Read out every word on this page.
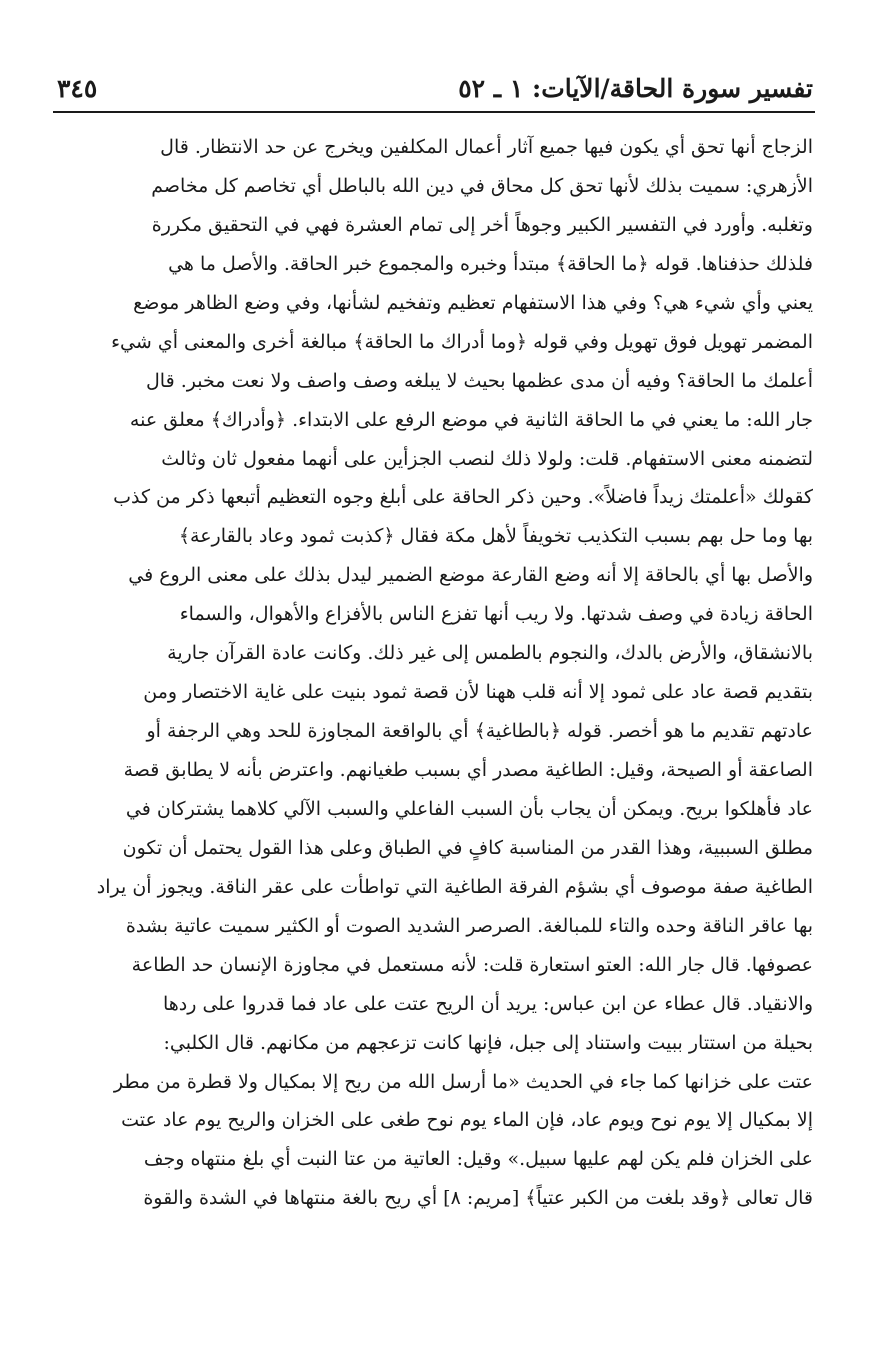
تفسير سورة الحاقة/الآيات: ١ ـ ٥٢
٣٤٥
الزجاج أنها تحق أي يكون فيها جميع آثار أعمال المكلفين ويخرج عن حد الانتظار. قال
الأزهري: سميت بذلك لأنها تحق كل محاق في دين الله بالباطل أي تخاصم كل مخاصم
وتغلبه. وأورد في التفسير الكبير وجوهاً أخر إلى تمام العشرة فهي في التحقيق مكررة
فلذلك حذفناها. قوله ﴿ما الحاقة﴾ مبتدأ وخبره والمجموع خبر الحاقة. والأصل ما هي
يعني وأي شيء هي؟ وفي هذا الاستفهام تعظيم وتفخيم لشأنها، وفي وضع الظاهر موضع
المضمر تهويل فوق تهويل وفي قوله ﴿وما أدراك ما الحاقة﴾ مبالغة أخرى والمعنى أي شيء
أعلمك ما الحاقة؟ وفيه أن مدى عظمها بحيث لا يبلغه وصف واصف ولا نعت مخبر. قال
جار الله: ما يعني في ما الحاقة الثانية في موضع الرفع على الابتداء. ﴿وأدراك﴾ معلق عنه
لتضمنه معنى الاستفهام. قلت: ولولا ذلك لنصب الجزأين على أنهما مفعول ثان وثالث
كقولك «أعلمتك زيداً فاضلاً». وحين ذكر الحاقة على أبلغ وجوه التعظيم أتبعها ذكر من كذب
بها وما حل بهم بسبب التكذيب تخويفاً لأهل مكة فقال ﴿كذبت ثمود وعاد بالقارعة﴾
والأصل بها أي بالحاقة إلا أنه وضع القارعة موضع الضمير ليدل بذلك على معنى الروع في
الحاقة زيادة في وصف شدتها. ولا ريب أنها تفزع الناس بالأفزاع والأهوال، والسماء
بالانشقاق، والأرض بالدك، والنجوم بالطمس إلى غير ذلك. وكانت عادة القرآن جارية
بتقديم قصة عاد على ثمود إلا أنه قلب ههنا لأن قصة ثمود بنيت على غاية الاختصار ومن
عادتهم تقديم ما هو أخصر. قوله ﴿بالطاغية﴾ أي بالواقعة المجاوزة للحد وهي الرجفة أو
الصاعقة أو الصيحة، وقيل: الطاغية مصدر أي بسبب طغيانهم. واعترض بأنه لا يطابق قصة
عاد فأهلكوا بريح. ويمكن أن يجاب بأن السبب الفاعلي والسبب الآلي كلاهما يشتركان في
مطلق السببية، وهذا القدر من المناسبة كافٍ في الطباق وعلى هذا القول يحتمل أن تكون
الطاغية صفة موصوف أي بشؤم الفرقة الطاغية التي تواطأت على عقر الناقة. ويجوز أن يراد
بها عاقر الناقة وحده والتاء للمبالغة. الصرصر الشديد الصوت أو الكثير سميت عاتية بشدة
عصوفها. قال جار الله: العتو استعارة قلت: لأنه مستعمل في مجاوزة الإنسان حد الطاعة
والانقياد. قال عطاء عن ابن عباس: يريد أن الريح عتت على عاد فما قدروا على ردها
بحيلة من استتار ببيت واستناد إلى جبل، فإنها كانت تزعجهم من مكانهم. قال الكلبي:
عتت على خزانها كما جاء في الحديث «ما أرسل الله من ريح إلا بمكيال ولا قطرة من مطر
إلا بمكيال إلا يوم نوح ويوم عاد، فإن الماء يوم نوح طغى على الخزان والريح يوم عاد عتت
على الخزان فلم يكن لهم عليها سبيل.» وقيل: العاتية من عتا النبت أي بلغ منتهاه وجف
قال تعالى ﴿وقد بلغت من الكبر عتياً﴾ [مريم: ٨] أي ريح بالغة منتهاها في الشدة والقوة
